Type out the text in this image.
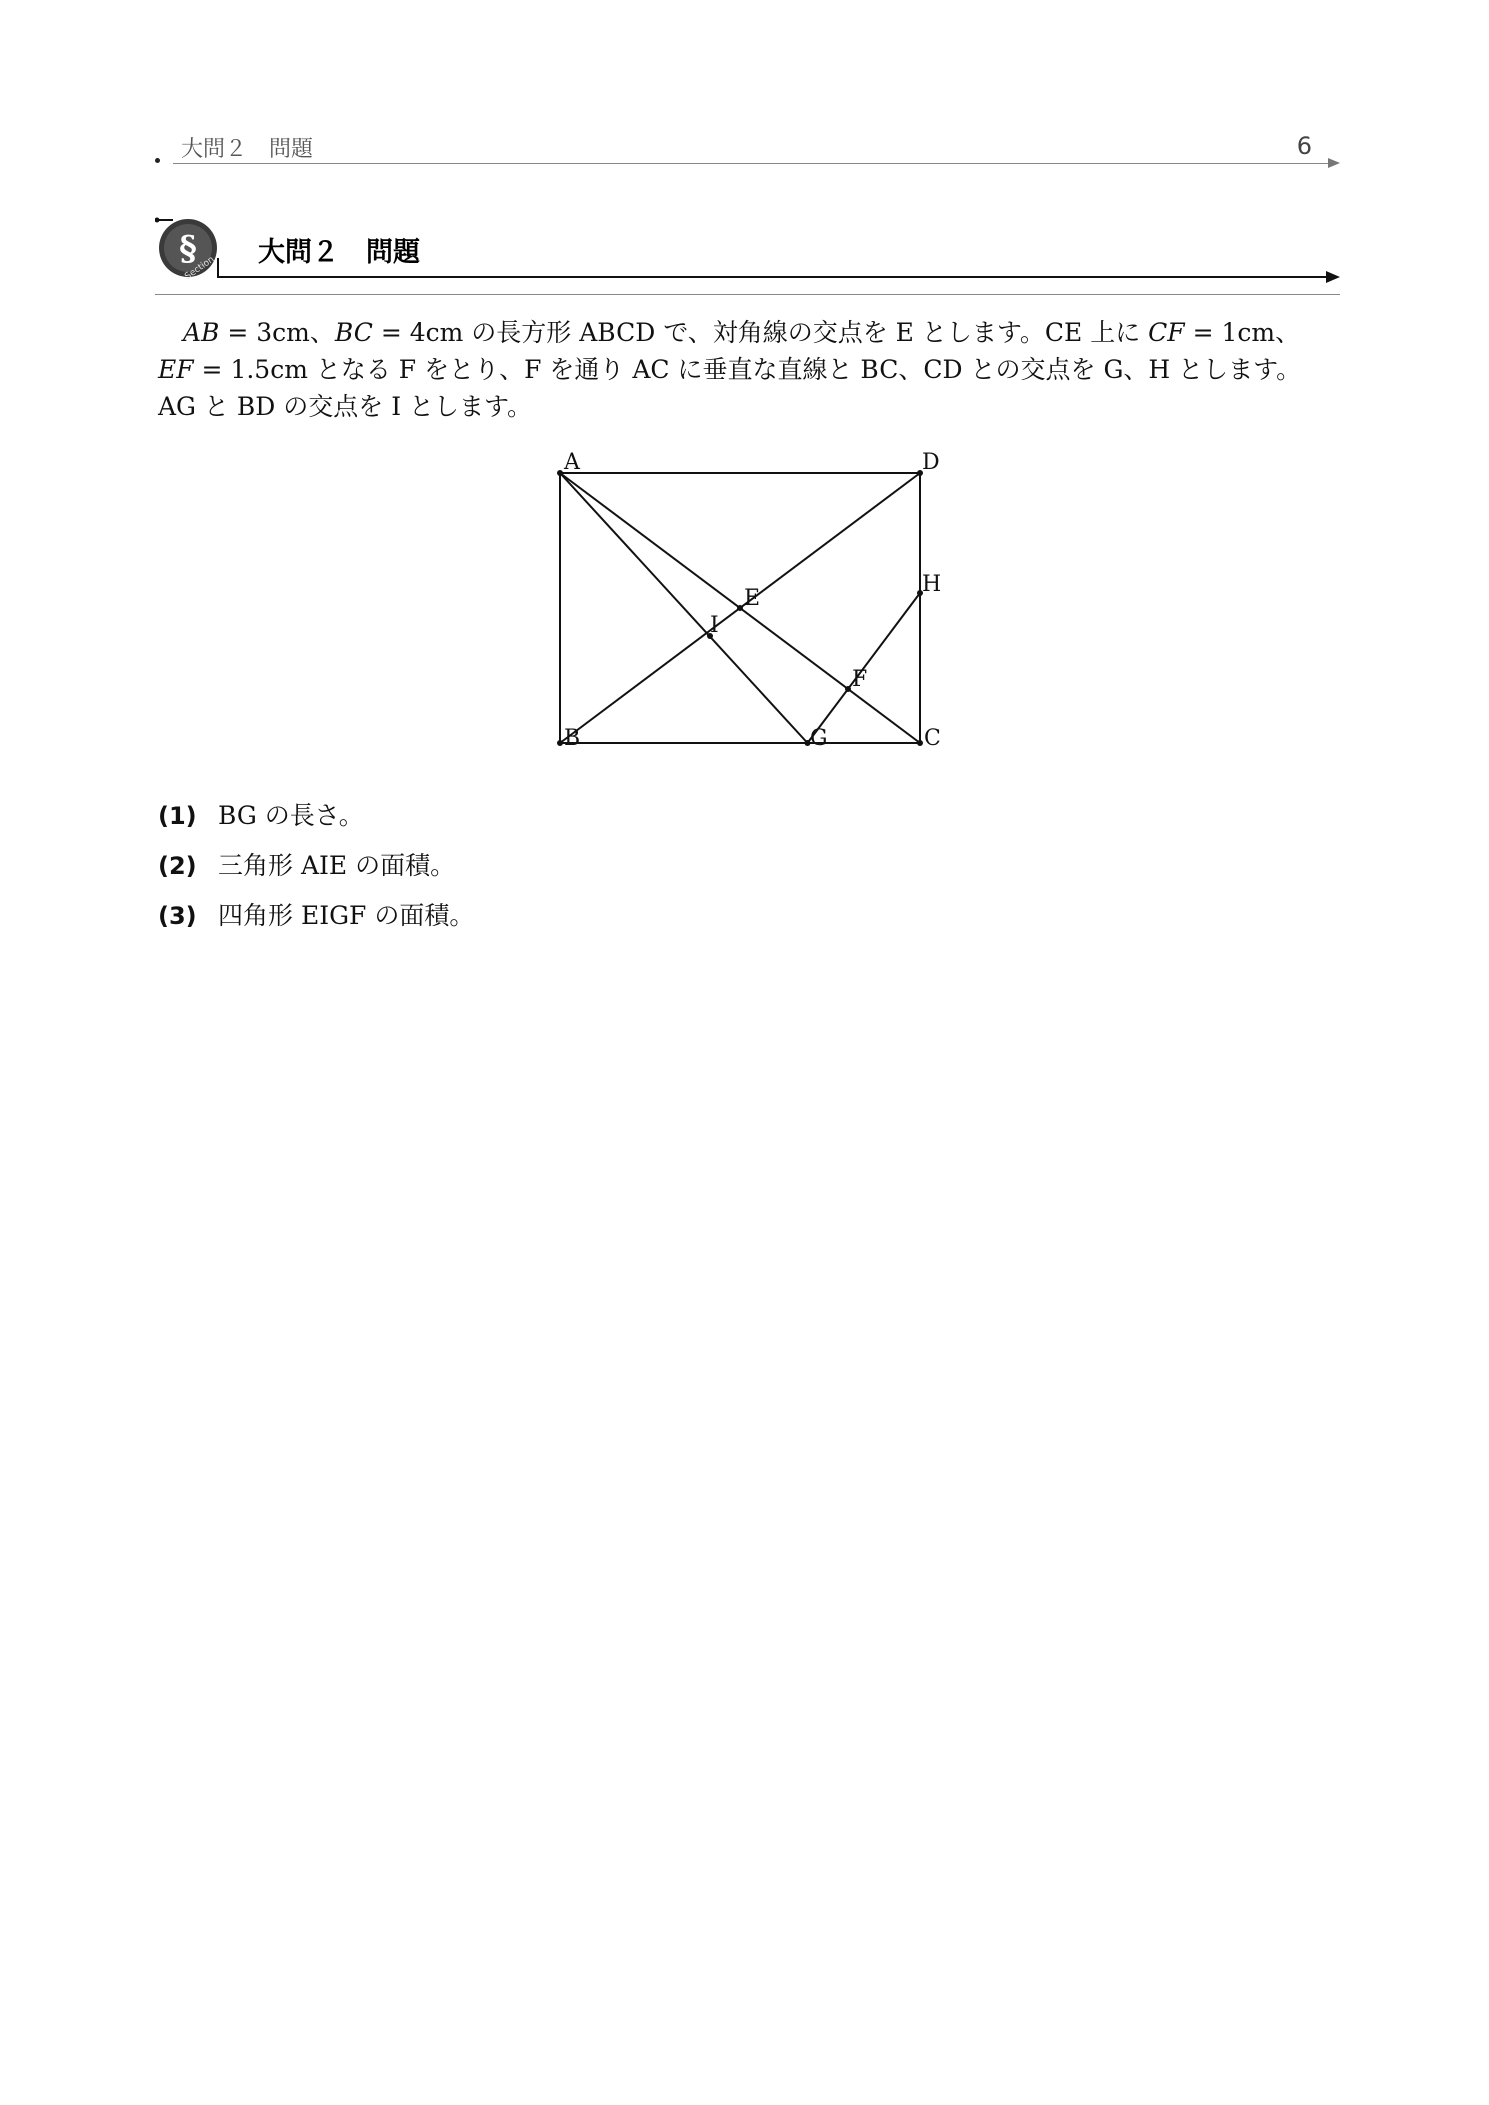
大問２　問題	6
§
Section
大問２　問題

AB = 3cm、BC = 4cm の長方形 ABCD で、対角線の交点を E とします。CE 上に CF = 1cm、

EF = 1.5cm となる F をとり、F を通り AC に垂直な直線と BC、CD との交点を G、H とします。

AG と BD の交点を I とします。

A
B	C
D
E
F
G
H
I
(1) BG の長さ。
(2) 三角形 AIE の面積。
(3) 四角形 EIGF の面積。
